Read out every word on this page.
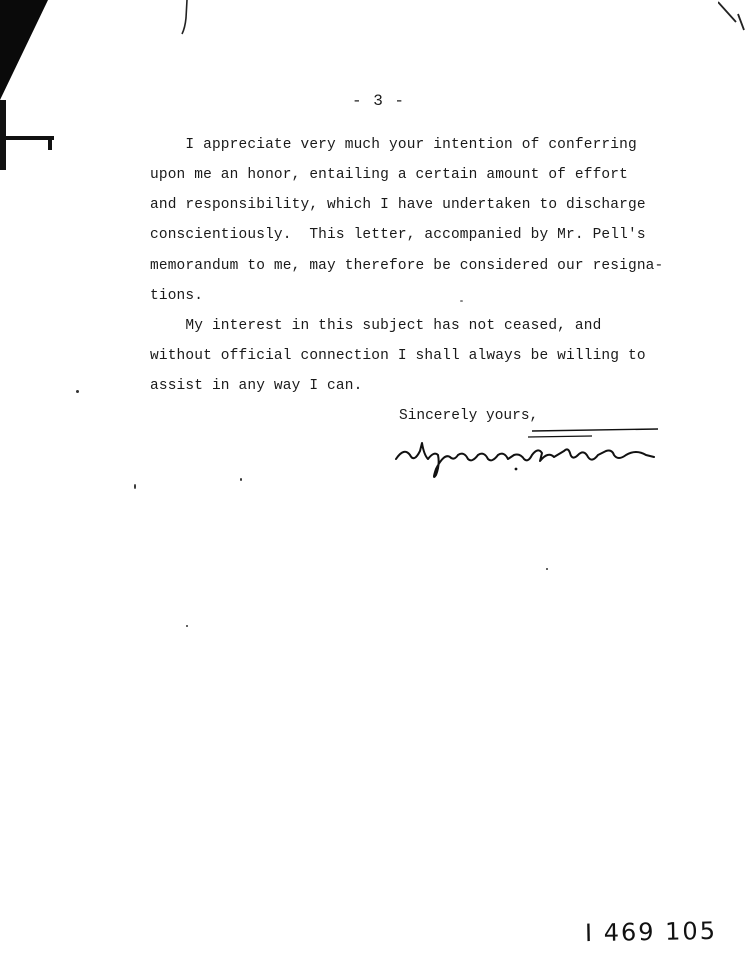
- 3 -
I appreciate very much your intention of conferring
upon me an honor, entailing a certain amount of effort
and responsibility, which I have undertaken to discharge
conscientiously.  This letter, accompanied by Mr. Pell's
memorandum to me, may therefore be considered our resigna-
tions.
My interest in this subject has not ceased, and
without official connection I shall always be willing to
assist in any way I can.
Sincerely yours,
I 469 105
